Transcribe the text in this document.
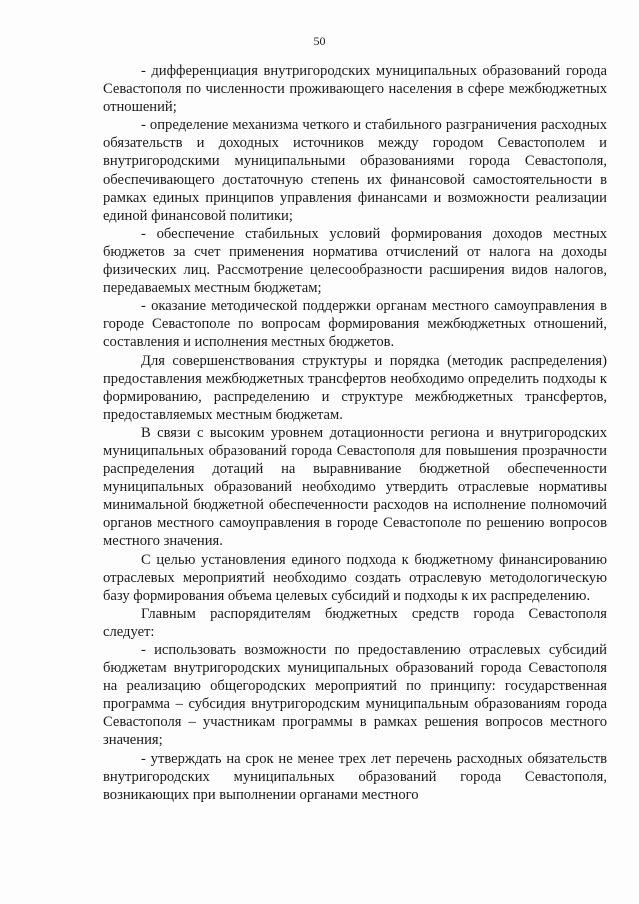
50

- дифференциация внутригородских муниципальных образований города Севастополя по численности проживающего населения в сфере межбюджетных отношений;

- определение механизма четкого и стабильного разграничения расходных обязательств и доходных источников между городом Севастополем и внутригородскими муниципальными образованиями города Севастополя, обеспечивающего достаточную степень их финансовой самостоятельности в рамках единых принципов управления финансами и возможности реализации единой финансовой политики;

- обеспечение стабильных условий формирования доходов местных бюджетов за счет применения норматива отчислений от налога на доходы физических лиц. Рассмотрение целесообразности расширения видов налогов, передаваемых местным бюджетам;

- оказание методической поддержки органам местного самоуправления в городе Севастополе по вопросам формирования межбюджетных отношений, составления и исполнения местных бюджетов.

Для совершенствования структуры и порядка (методик распределения) предоставления межбюджетных трансфертов необходимо определить подходы к формированию, распределению и структуре межбюджетных трансфертов, предоставляемых местным бюджетам.

В связи с высоким уровнем дотационности региона и внутригородских муниципальных образований города Севастополя для повышения прозрачности распределения дотаций на выравнивание бюджетной обеспеченности муниципальных образований необходимо утвердить отраслевые нормативы минимальной бюджетной обеспеченности расходов на исполнение полномочий органов местного самоуправления в городе Севастополе по решению вопросов местного значения.

С целью установления единого подхода к бюджетному финансированию отраслевых мероприятий необходимо создать отраслевую методологическую базу формирования объема целевых субсидий и подходы к их распределению.

Главным распорядителям бюджетных средств города Севастополя следует:

- использовать возможности по предоставлению отраслевых субсидий бюджетам внутригородских муниципальных образований города Севастополя на реализацию общегородских мероприятий по принципу: государственная программа – субсидия внутригородским муниципальным образованиям города Севастополя – участникам программы в рамках решения вопросов местного значения;

- утверждать на срок не менее трех лет перечень расходных обязательств внутригородских муниципальных образований города Севастополя, возникающих при выполнении органами местного
